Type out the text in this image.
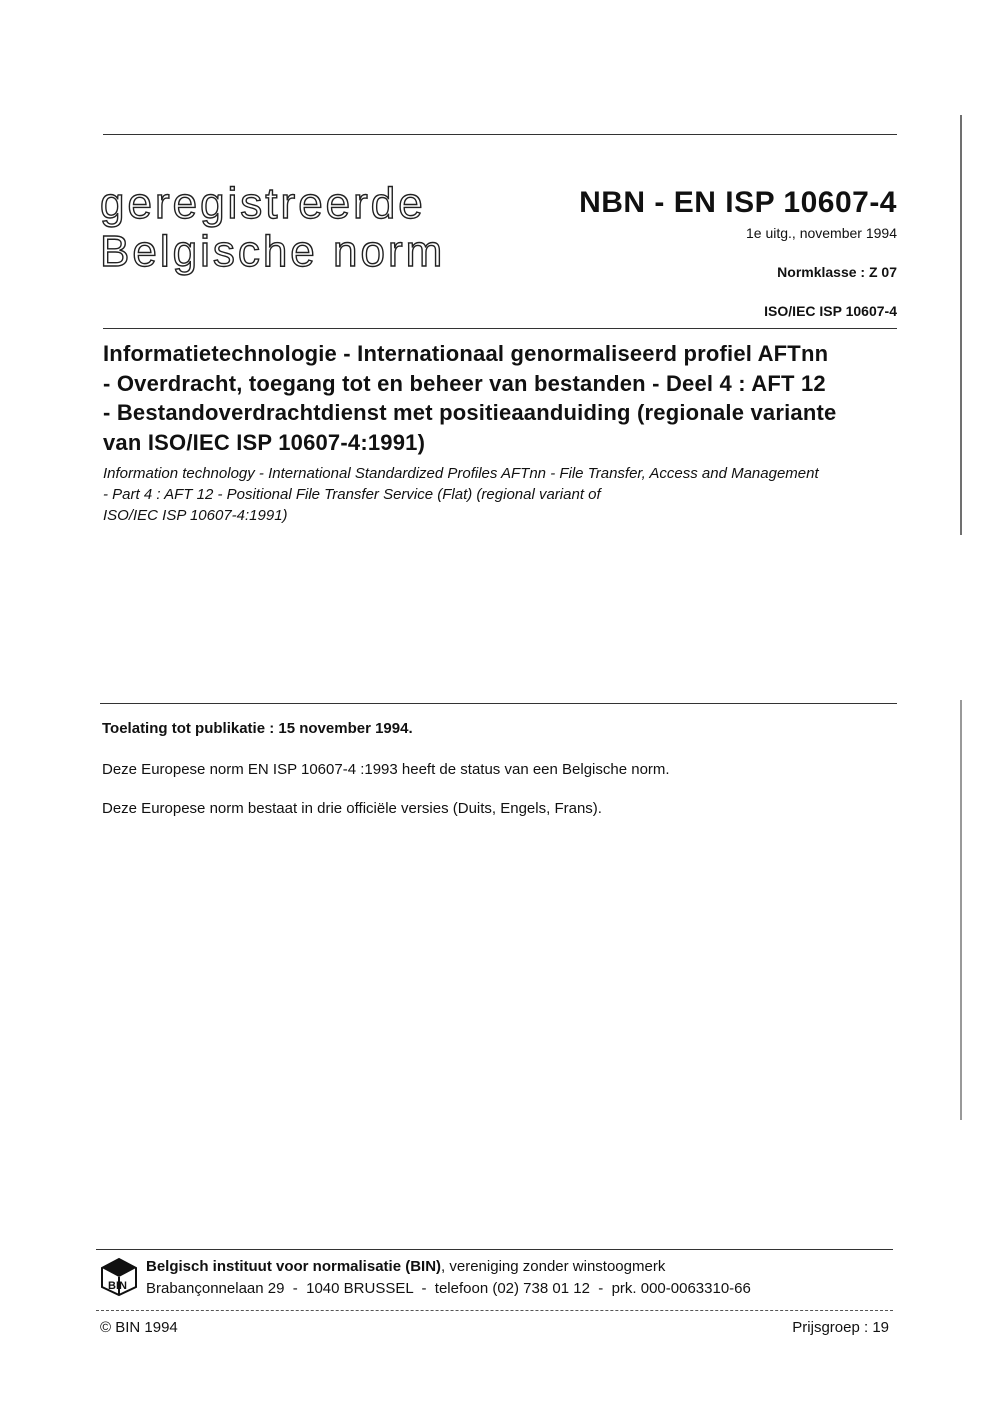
geregistreerde
Belgische norm
NBN - EN ISP 10607-4
1e uitg., november 1994
Normklasse : Z 07
ISO/IEC ISP 10607-4
Informatietechnologie - Internationaal genormaliseerd profiel AFTnn
- Overdracht, toegang tot en beheer van bestanden - Deel 4 : AFT 12
- Bestandoverdrachtdienst met positieaanduiding (regionale variante
van ISO/IEC ISP 10607-4:1991)
Information technology - International Standardized Profiles AFTnn - File Transfer, Access and Management
- Part 4 : AFT 12 - Positional File Transfer Service (Flat) (regional variant of
ISO/IEC ISP 10607-4:1991)
Toelating tot publikatie : 15 november 1994.
Deze Europese norm EN ISP 10607-4 :1993 heeft de status van een Belgische norm.
Deze Europese norm bestaat in drie officiële versies (Duits, Engels, Frans).
BIN
Belgisch instituut voor normalisatie (BIN), vereniging zonder winstoogmerk
Brabançonnelaan 29  -  1040 BRUSSEL  -  telefoon (02) 738 01 12  -  prk. 000-0063310-66
© BIN 1994	Prijsgroep : 19
